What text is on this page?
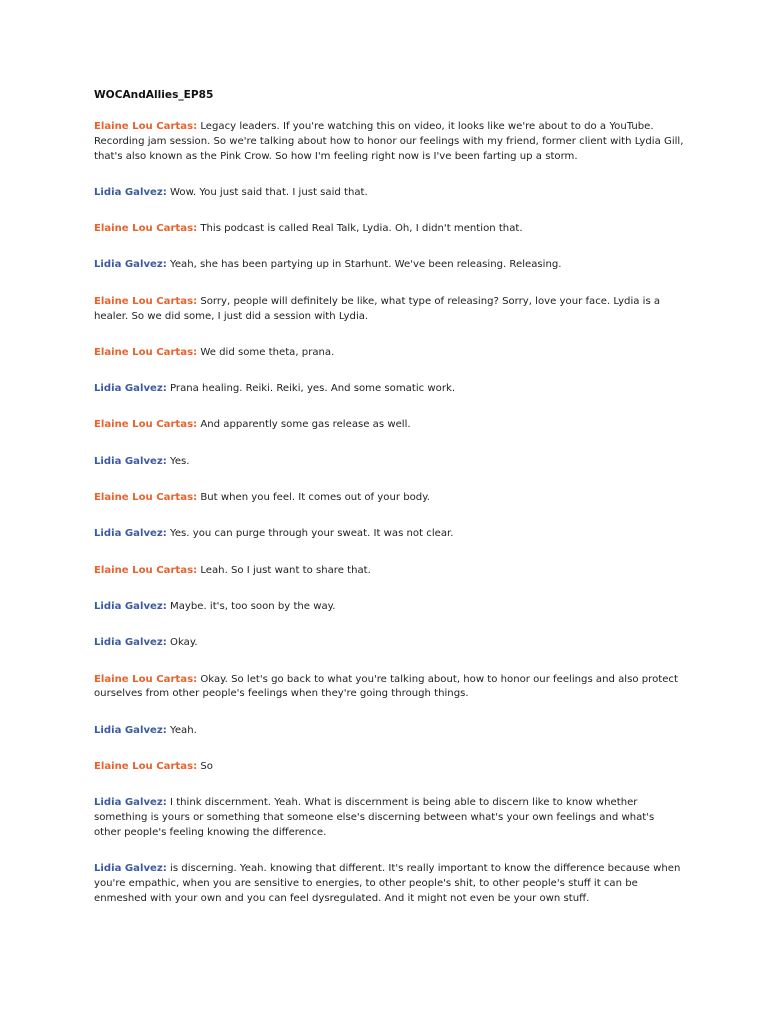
WOCAndAllies_EP85
Elaine Lou Cartas: Legacy leaders. If you're watching this on video, it looks like we're about to do a YouTube. Recording jam session. So we're talking about how to honor our feelings with my friend, former client with Lydia Gill, that's also known as the Pink Crow. So how I'm feeling right now is I've been farting up a storm.
Lidia Galvez: Wow. You just said that. I just said that.
Elaine Lou Cartas: This podcast is called Real Talk, Lydia. Oh, I didn't mention that.
Lidia Galvez: Yeah, she has been partying up in Starhunt. We've been releasing. Releasing.
Elaine Lou Cartas: Sorry, people will definitely be like, what type of releasing? Sorry, love your face. Lydia is a healer. So we did some, I just did a session with Lydia.
Elaine Lou Cartas: We did some theta, prana.
Lidia Galvez: Prana healing. Reiki. Reiki, yes. And some somatic work.
Elaine Lou Cartas: And apparently some gas release as well.
Lidia Galvez: Yes.
Elaine Lou Cartas: But when you feel. It comes out of your body.
Lidia Galvez: Yes. you can purge through your sweat. It was not clear.
Elaine Lou Cartas: Leah. So I just want to share that.
Lidia Galvez: Maybe. it's, too soon by the way.
Lidia Galvez: Okay.
Elaine Lou Cartas: Okay. So let's go back to what you're talking about, how to honor our feelings and also protect ourselves from other people's feelings when they're going through things.
Lidia Galvez: Yeah.
Elaine Lou Cartas: So
Lidia Galvez: I think discernment. Yeah. What is discernment is being able to discern like to know whether something is yours or something that someone else's discerning between what's your own feelings and what's other people's feeling knowing the difference.
Lidia Galvez: is discerning. Yeah. knowing that different. It's really important to know the difference because when you're empathic, when you are sensitive to energies, to other people's shit, to other people's stuff it can be enmeshed with your own and you can feel dysregulated. And it might not even be your own stuff.
